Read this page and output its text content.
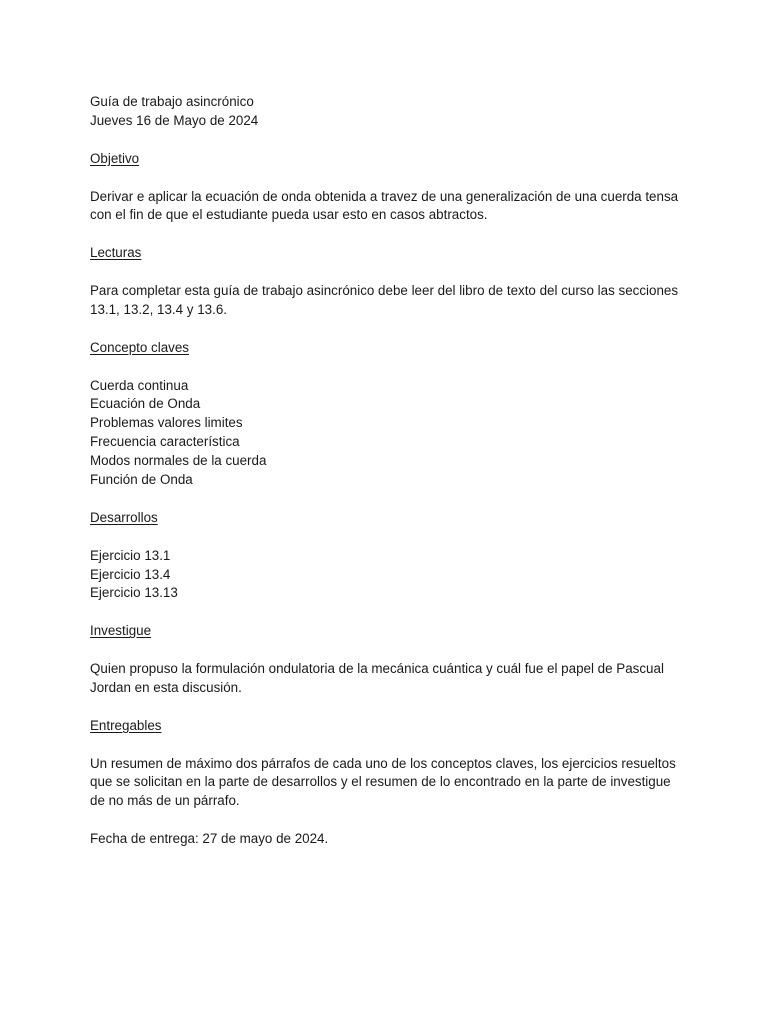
Guía de trabajo asincrónico
Jueves 16 de Mayo de 2024
Objetivo
Derivar e aplicar la ecuación de onda obtenida a travez de una generalización de una cuerda tensa con el fin de que el estudiante pueda usar esto en casos abtractos.
Lecturas
Para completar esta guía de trabajo asincrónico debe leer del libro de texto del curso las secciones 13.1, 13.2, 13.4 y 13.6.
Concepto claves
Cuerda continua
Ecuación de Onda
Problemas valores limites
Frecuencia característica
Modos normales de la cuerda
Función de Onda
Desarrollos
Ejercicio 13.1
Ejercicio 13.4
Ejercicio 13.13
Investigue
Quien propuso la formulación ondulatoria de la mecánica cuántica y cuál fue el papel de Pascual Jordan en esta discusión.
Entregables
Un resumen de máximo dos párrafos de cada uno de los conceptos claves, los ejercicios resueltos que se solicitan en la parte de desarrollos y el resumen de lo encontrado en la parte de investigue de no más de un párrafo.
Fecha de entrega: 27 de mayo de 2024.
